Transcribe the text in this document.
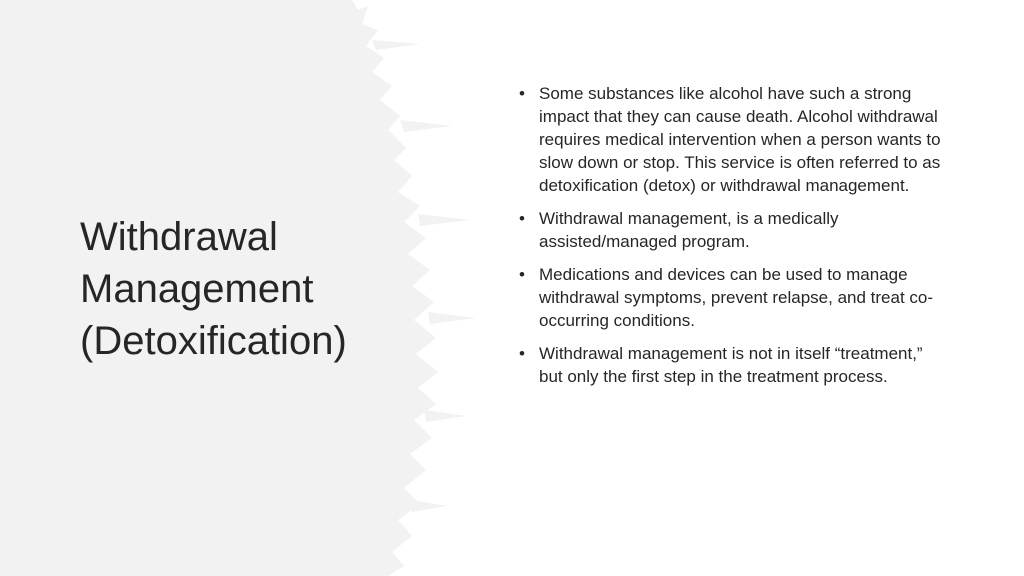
Withdrawal
Management
(Detoxification)
• Some substances like alcohol have such a strong impact that they can cause death. Alcohol withdrawal requires medical intervention when a person wants to slow down or stop. This service is often referred to as detoxification (detox) or withdrawal management.
• Withdrawal management, is a medically assisted/managed program.
• Medications and devices can be used to manage withdrawal symptoms, prevent relapse, and treat co-occurring conditions.
• Withdrawal management is not in itself “treatment,” but only the first step in the treatment process.
